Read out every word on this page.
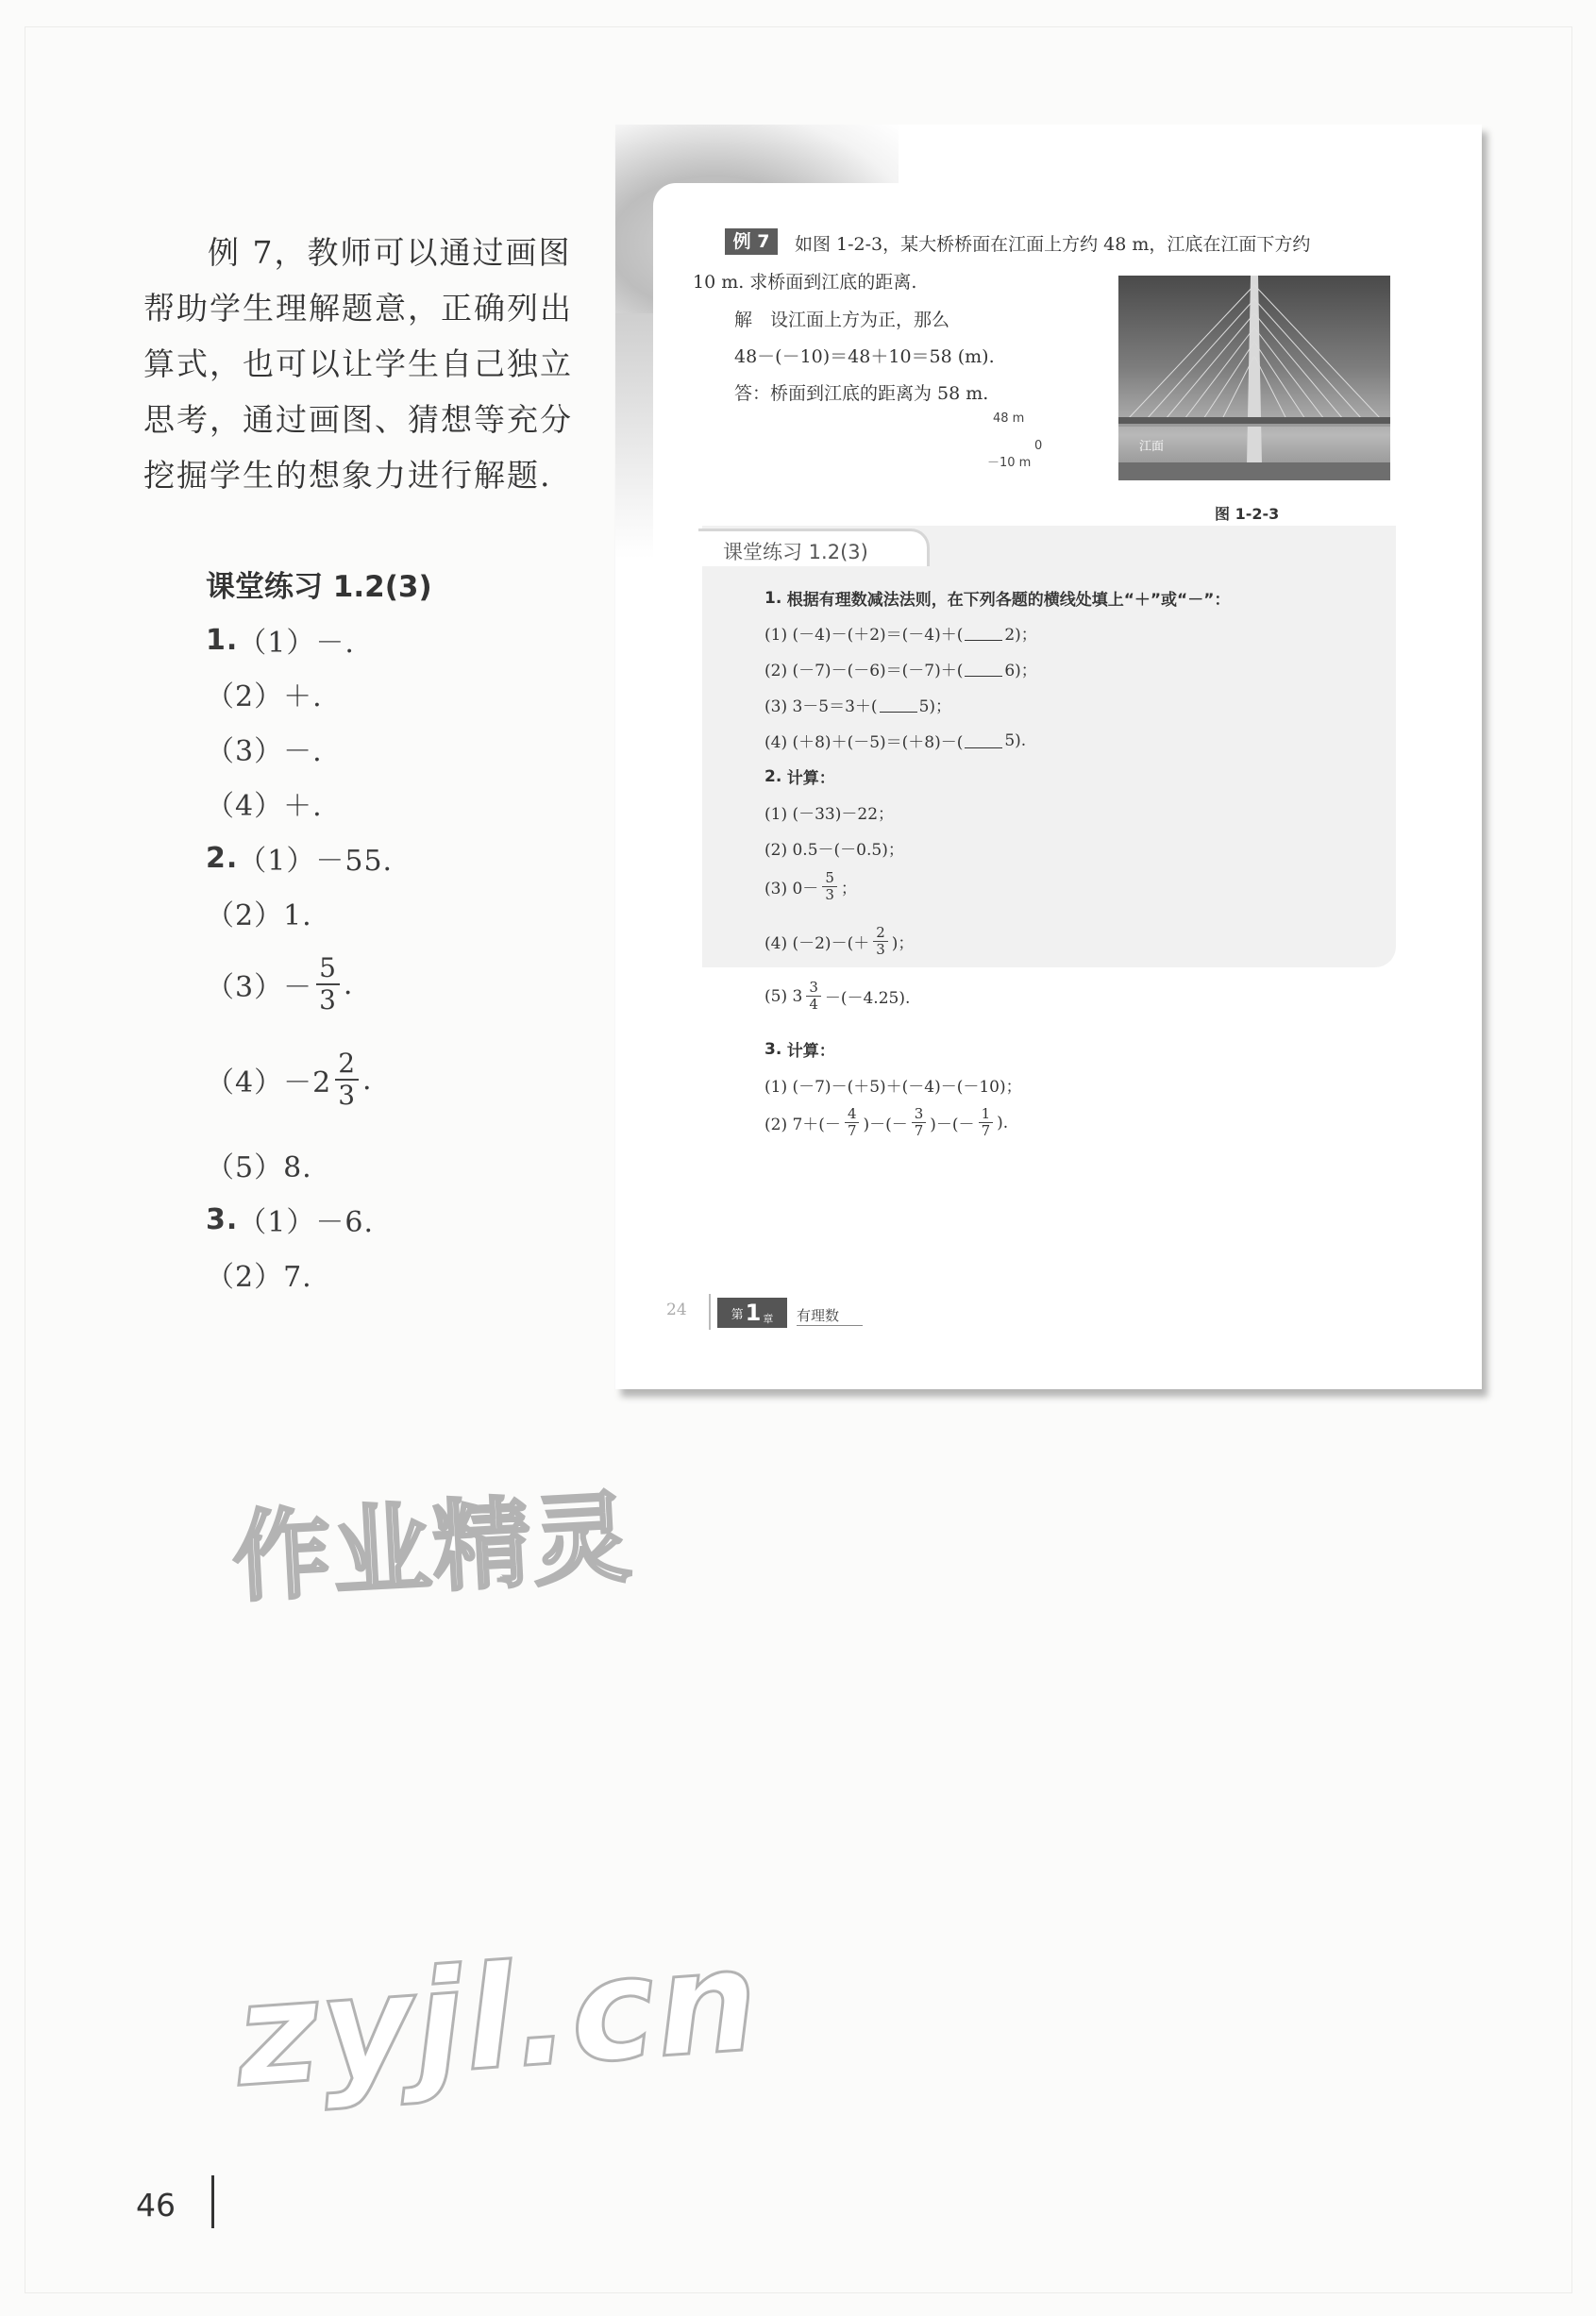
例 7，教师可以通过画图帮助学生理解题意，正确列出算式，也可以让学生自己独立思考，通过画图、猜想等充分挖掘学生的想象力进行解题.

课堂练习 1.2(3)
1. （1）－.
（2）＋.
（3）－.
（4）＋.
2. （1）－55.
（2）1.
$(3)- \frac{5}{3}$ .
$(4)-2 \frac{2}{3}$ .
（5）8.
3. （1）－6.
（2）7.
例 7	如图 1-2-3，某大桥桥面在江面上方约 48 m，江底在江面下方约
10 m. 求桥面到江底的距离.
解　设江面上方为正，那么
48－(－10)＝48＋10＝58 (m).
答：桥面到江底的距离为 58 m.
48 m
0
－10 m
江面
图 1-2-3
课堂练习 1.2(3)
1.
根据有理数减法法则，在下列各题的横线处填上“＋”或“－”：
(1) (－4)－(＋2)＝(－4)＋(	2)；
(2) (－7)－(－6)＝(－7)＋(	6)；
(3) 3－5＝3＋(	5)；
(4) (＋8)＋(－5)＝(＋8)－(	5).
2.
计算：
(1) (－33)－22；
(2) 0.5－(－0.5)；
(3) $0- \frac{5}{3}$ ；
(4) $(-2)-(+ \frac{2}{3}$ )；
(5) $3 \frac{3}{4} -(-4.25)$.
3.
计算：
(1) (－7)－(＋5)＋(－4)－(－10)；
(2) $7+(- \frac{4}{7}$ )－(－ $\frac{3}{7}$ )－(－ $\frac{1}{7}$ ).
24	第 1 章 有理数
作业精灵
zyjl.cn
46
